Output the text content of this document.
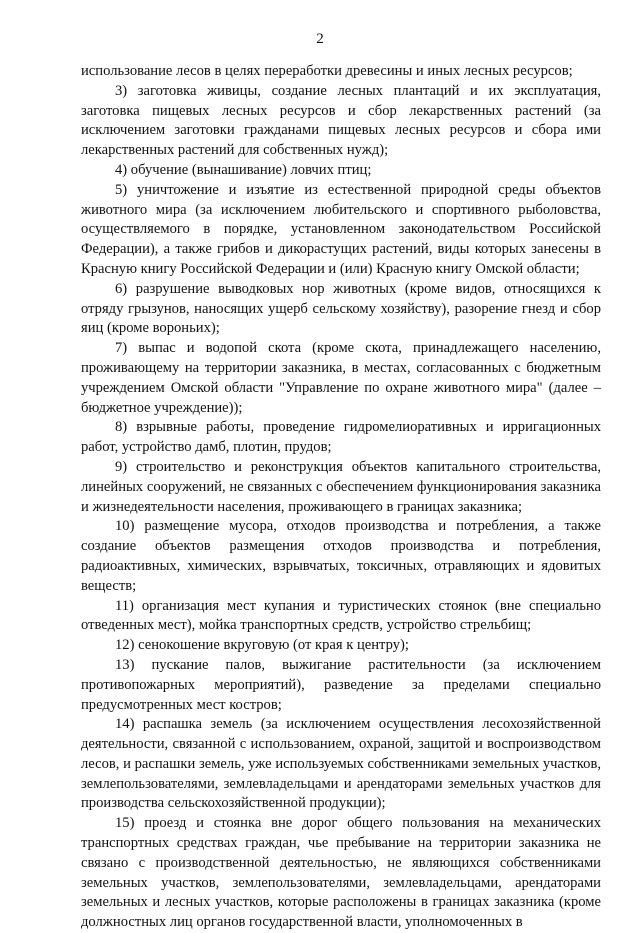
2

использование лесов в целях переработки древесины и иных лесных ресурсов;

3) заготовка живицы, создание лесных плантаций и их эксплуатация, заготовка пищевых лесных ресурсов и сбор лекарственных растений (за исключением заготовки гражданами пищевых лесных ресурсов и сбора ими лекарственных растений для собственных нужд);

4) обучение (вынашивание) ловчих птиц;

5) уничтожение и изъятие из естественной природной среды объектов животного мира (за исключением любительского и спортивного рыболовства, осуществляемого в порядке, установленном законодательством Российской Федерации), а также грибов и дикорастущих растений, виды которых занесены в Красную книгу Российской Федерации и (или) Красную книгу Омской области;

6) разрушение выводковых нор животных (кроме видов, относящихся к отряду грызунов, наносящих ущерб сельскому хозяйству), разорение гнезд и сбор яиц (кроме вороньих);

7) выпас и водопой скота (кроме скота, принадлежащего населению, проживающему на территории заказника, в местах, согласованных с бюджетным учреждением Омской области "Управление по охране животного мира" (далее – бюджетное учреждение));

8) взрывные работы, проведение гидромелиоративных и ирригационных работ, устройство дамб, плотин, прудов;

9) строительство и реконструкция объектов капитального строительства, линейных сооружений, не связанных с обеспечением функционирования заказника и жизнедеятельности населения, проживающего в границах заказника;

10) размещение мусора, отходов производства и потребления, а также создание объектов размещения отходов производства и потребления, радиоактивных, химических, взрывчатых, токсичных, отравляющих и ядовитых веществ;

11) организация мест купания и туристических стоянок (вне специально отведенных мест), мойка транспортных средств, устройство стрельбищ;

12) сенокошение вкруговую (от края к центру);

13) пускание палов, выжигание растительности (за исключением противопожарных мероприятий), разведение за пределами специально предусмотренных мест костров;

14) распашка земель (за исключением осуществления лесохозяйственной деятельности, связанной с использованием, охраной, защитой и воспроизводством лесов, и распашки земель, уже используемых собственниками земельных участков, землепользователями, землевладельцами и арендаторами земельных участков для производства сельскохозяйственной продукции);

15) проезд и стоянка вне дорог общего пользования на механических транспортных средствах граждан, чье пребывание на территории заказника не связано с производственной деятельностью, не являющихся собственниками земельных участков, землепользователями, землевладельцами, арендаторами земельных и лесных участков, которые расположены в границах заказника (кроме должностных лиц органов государственной власти, уполномоченных в
